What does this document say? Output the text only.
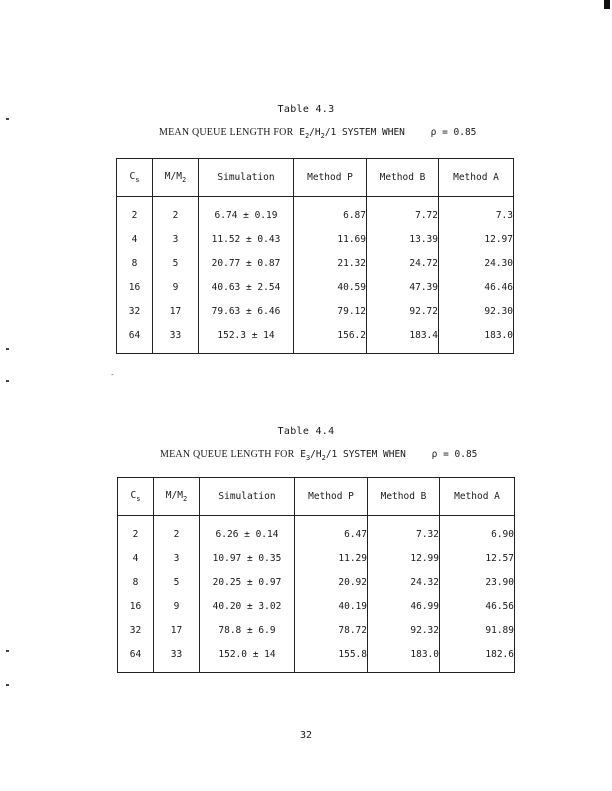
Table 4.3
MEAN QUEUE LENGTH FOR $E_2/H_2/1$ SYSTEM WHEN	ρ = 0.85
$C_s$	$M/M_2$	Simulation	Method P	Method B	Method A
2	2	6.74 ± 0.19	6.87	7.72	7.3
4	3	11.52 ± 0.43	11.69	13.39	12.97
8	5	20.77 ± 0.87	21.32	24.72	24.30
16	9	40.63 ± 2.54	40.59	47.39	46.46
32	17	79.63 ± 6.46	79.12	92.72	92.30
64	33	152.3 ± 14	156.2	183.4	183.0
-
Table 4.4
MEAN QUEUE LENGTH FOR $E_3/H_2/1$ SYSTEM WHEN	ρ = 0.85
$C_s$	$M/M_2$	Simulation	Method P	Method B	Method A
2	2	6.26 ± 0.14	6.47	7.32	6.90
4	3	10.97 ± 0.35	11.29	12.99	12.57
8	5	20.25 ± 0.97	20.92	24.32	23.90
16	9	40.20 ± 3.02	40.19	46.99	46.56
32	17	78.8 ± 6.9	78.72	92.32	91.89
64	33	152.0 ± 14	155.8	183.0	182.6
32
